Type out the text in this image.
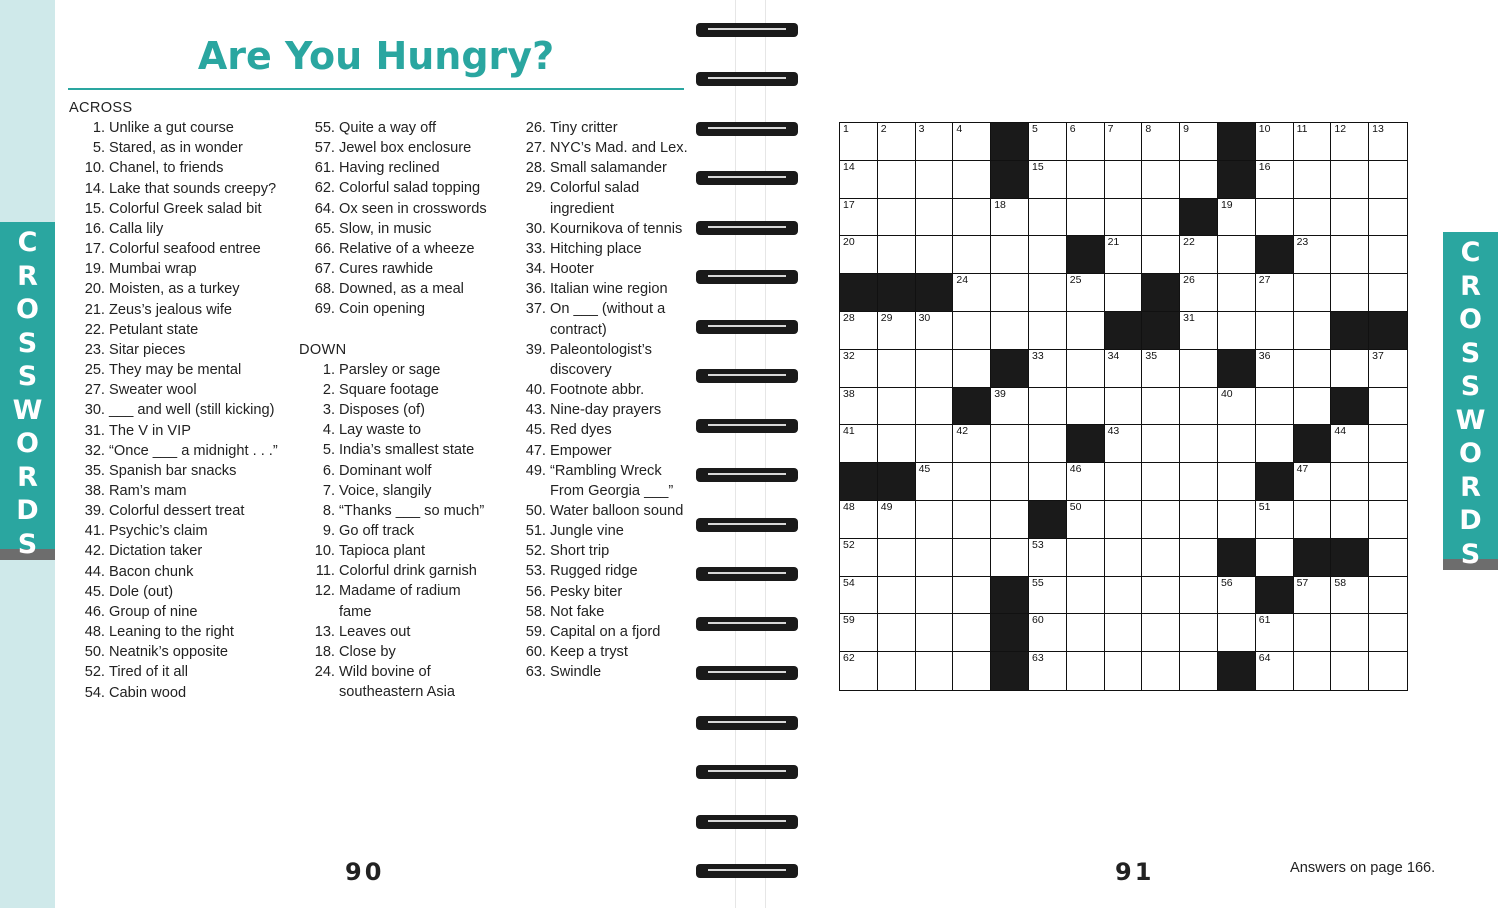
C
R
O
S
S
W
O
R
D
S
C
R
O
S
S
W
O
R
D
S
Are You Hungry?
ACROSS
1. Unlike a gut course
5. Stared, as in wonder
10. Chanel, to friends
14. Lake that sounds creepy?
15. Colorful Greek salad bit
16. Calla lily
17. Colorful seafood entree
19. Mumbai wrap
20. Moisten, as a turkey
21. Zeus’s jealous wife
22. Petulant state
23. Sitar pieces
25. They may be mental
27. Sweater wool
30. ___ and well (still kicking)
31. The V in VIP
32. “Once ___ a midnight . . .”
35. Spanish bar snacks
38. Ram’s mam
39. Colorful dessert treat
41. Psychic’s claim
42. Dictation taker
44. Bacon chunk
45. Dole (out)
46. Group of nine
48. Leaning to the right
50. Neatnik’s opposite
52. Tired of it all
54. Cabin wood
55. Quite a way off
57. Jewel box enclosure
61. Having reclined
62. Colorful salad topping
64. Ox seen in crosswords
65. Slow, in music
66. Relative of a wheeze
67. Cures rawhide
68. Downed, as a meal
69. Coin opening
DOWN
1. Parsley or sage
2. Square footage
3. Disposes (of)
4. Lay waste to
5. India’s smallest state
6. Dominant wolf
7. Voice, slangily
8. “Thanks ___ so much”
9. Go off track
10. Tapioca plant
11. Colorful drink garnish
12. Madame of radium
fame
13. Leaves out
18. Close by
24. Wild bovine of
southeastern Asia
26. Tiny critter
27. NYC’s Mad. and Lex.
28. Small salamander
29. Colorful salad
ingredient
30. Kournikova of tennis
33. Hitching place
34. Hooter
36. Italian wine region
37. On ___ (without a
contract)
39. Paleontologist’s
discovery
40. Footnote abbr.
43. Nine-day prayers
45. Red dyes
47. Empower
49. “Rambling Wreck
From Georgia ___”
50. Water balloon sound
51. Jungle vine
52. Short trip
53. Rugged ridge
56. Pesky biter
58. Not fake
59. Capital on a fjord
60. Keep a tryst
63. Swindle
1	2	3	4	5	6	7	8	9	10 11	12 13
14	15	16
17	18	19
20	21	22	23
24	25	26	27
28 29 30	31
32	33	34 35	36	37
38	39	40
41	42	43	44
45	46	47
48 49	50	51
52	53
54	55	56	57 58
59	60	61
62	63	64
90	91	Answers on page 166.
